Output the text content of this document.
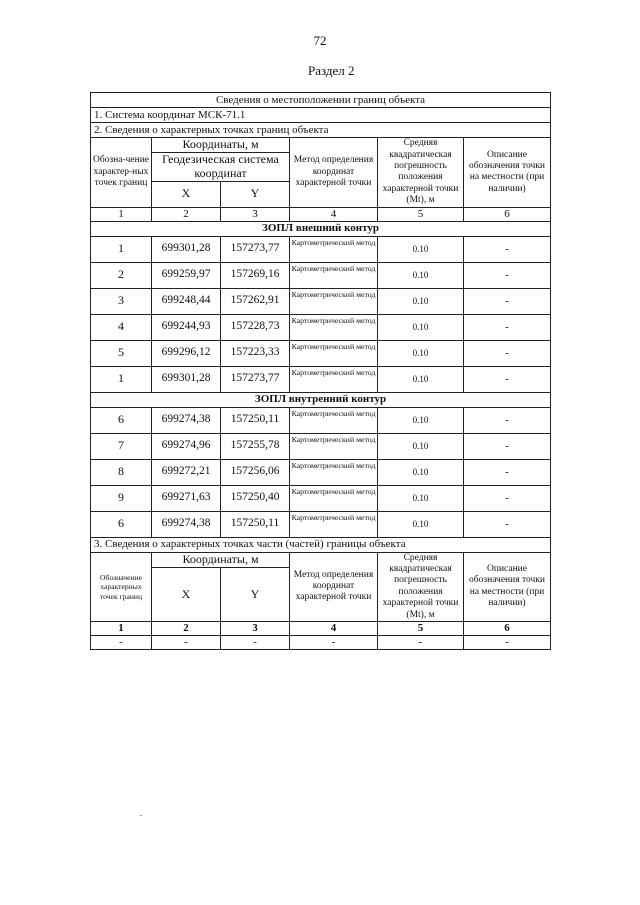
72
Раздел 2
Сведения о местоположении границ объекта					
1. Система координат МСК-71.1					
2. Сведения о характерных точках границ объекта					
Обозна-чение характер-ных точек границ	Координаты, м		Метод определения координат характерной точки	Средняя квадратическая погрешность положения характерной точки (Mt), м	Описание обозначения точки на местности (при наличии)
	Геодезическая система координат				
	X	Y			
1	2	3	4	5	6
ЗОПЛ внешний контур					
1	699301,28	157273,77	Картометрический метод	0.10	-
2	699259,97	157269,16	Картометрический метод	0.10	-
3	699248,44	157262,91	Картометрический метод	0.10	-
4	699244,93	157228,73	Картометрический метод	0.10	-
5	699296,12	157223,33	Картометрический метод	0.10	-
1	699301,28	157273,77	Картометрический метод	0.10	-
ЗОПЛ внутренний контур					
6	699274,38	157250,11	Картометрический метод	0.10	-
7	699274,96	157255,78	Картометрический метод	0.10	-
8	699272,21	157256,06	Картометрический метод	0.10	-
9	699271,63	157250,40	Картометрический метод	0.10	-
6	699274,38	157250,11	Картометрический метод	0.10	-
3. Сведения о характерных точках части (частей) границы объекта					
Обозначение характерных точек границ	Координаты, м		Метод определения координат характерной точки	Средняя квадратическая погрешность положения характерной точки (Mt), м	Описание обозначения точки на местности (при наличии)
	X	Y			
1	2	3	4	5	6
-	-	-	-	-	-
